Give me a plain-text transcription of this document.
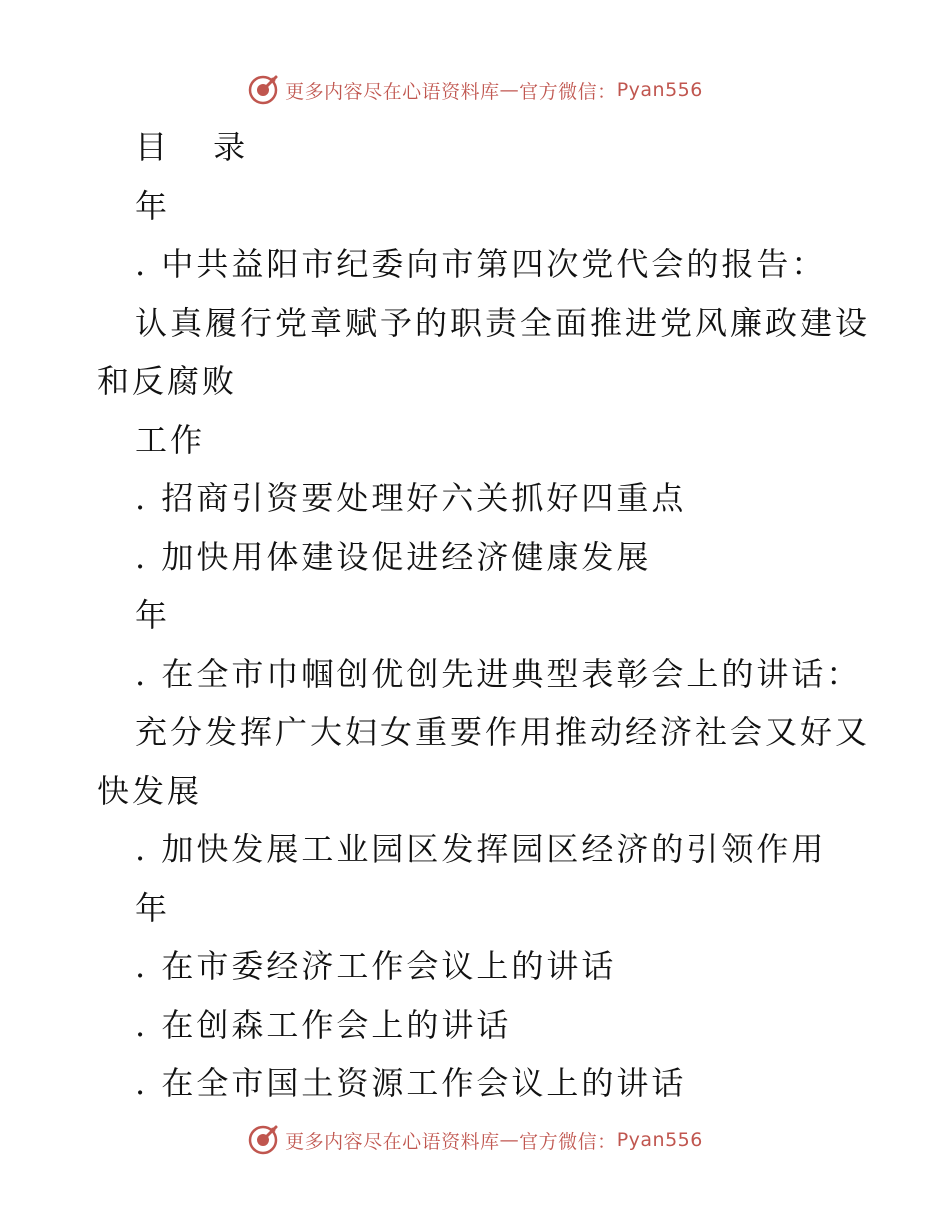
更多内容尽在心语资料库 — 官方微信： Pyan556
目 录
年
. 中共益阳市纪委向市第四次党代会的报告：
认真履行党章赋予的职责全面推进党风廉政建设
和反腐败
工作
. 招商引资要处理好六关抓好四重点
. 加快用体建设促进经济健康发展
年
. 在全市巾帼创优创先进典型表彰会上的讲话：
充分发挥广大妇女重要作用推动经济社会又好又
快发展
. 加快发展工业园区发挥园区经济的引领作用
年
. 在市委经济工作会议上的讲话
. 在创森工作会上的讲话
. 在全市国土资源工作会议上的讲话
更多内容尽在心语资料库 — 官方微信： Pyan556
